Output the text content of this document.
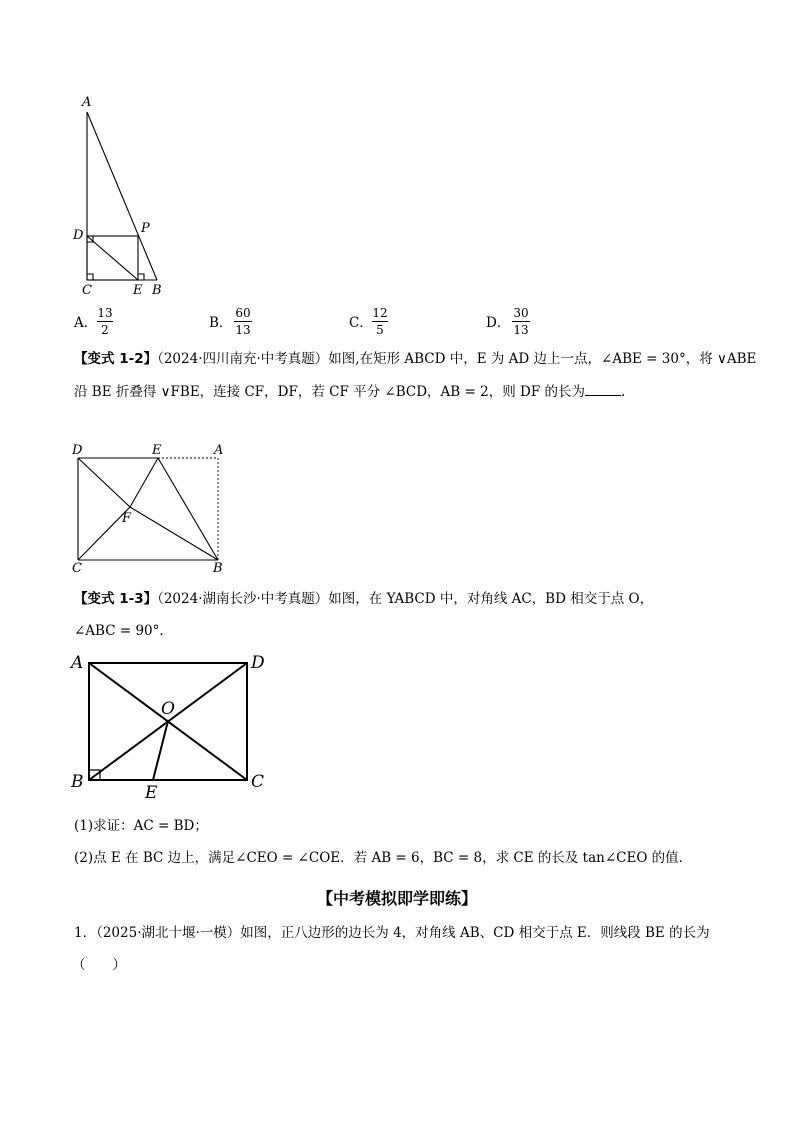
A
D	P
C	E B
A．
13
2	B．
60
13	C．
12
5	D．
30
13
【变式 1-2】（2024·四川南充·中考真题）如图,在矩形 ABCD 中，E 为 AD 边上一点，∠ABE = 30°，将 ∨ABE
沿 BE 折叠得 ∨FBE，连接 CF，DF，若 CF 平分 ∠BCD，AB = 2，则 DF 的长为	.
D	E	A
F
C	B
【变式 1-3】（2024·湖南长沙·中考真题）如图，在 YABCD 中，对角线 AC，BD 相交于点 O，
∠ABC = 90°.
A	D
O
B	C
E
(1)求证：AC = BD；
(2)点 E 在 BC 边上，满足∠CEO = ∠COE．若 AB = 6，BC = 8，求 CE 的长及 tan∠CEO 的值．
【中考模拟即学即练】
1．（2025·湖北十堰·一模）如图，正八边形的边长为 4，对角线 AB、CD 相交于点 E．则线段 BE 的长为
（　　）
